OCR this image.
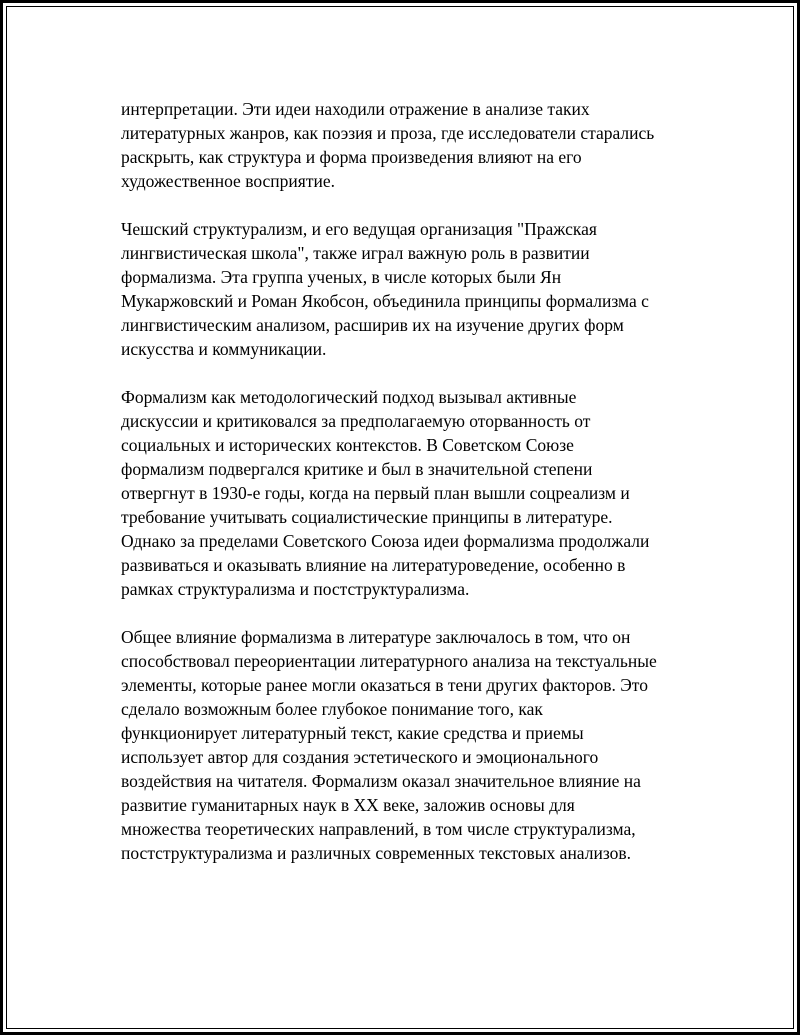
интерпретации. Эти идеи находили отражение в анализе таких
литературных жанров, как поэзия и проза, где исследователи старались
раскрыть, как структура и форма произведения влияют на его
художественное восприятие.

Чешский структурализм, и его ведущая организация "Пражская
лингвистическая школа", также играл важную роль в развитии
формализма. Эта группа ученых, в числе которых были Ян
Мукаржовский и Роман Якобсон, объединила принципы формализма с
лингвистическим анализом, расширив их на изучение других форм
искусства и коммуникации.

Формализм как методологический подход вызывал активные
дискуссии и критиковался за предполагаемую оторванность от
социальных и исторических контекстов. В Советском Союзе
формализм подвергался критике и был в значительной степени
отвергнут в 1930-е годы, когда на первый план вышли соцреализм и
требование учитывать социалистические принципы в литературе.
Однако за пределами Советского Союза идеи формализма продолжали
развиваться и оказывать влияние на литературоведение, особенно в
рамках структурализма и постструктурализма.

Общее влияние формализма в литературе заключалось в том, что он
способствовал переориентации литературного анализа на текстуальные
элементы, которые ранее могли оказаться в тени других факторов. Это
сделало возможным более глубокое понимание того, как
функционирует литературный текст, какие средства и приемы
использует автор для создания эстетического и эмоционального
воздействия на читателя. Формализм оказал значительное влияние на
развитие гуманитарных наук в XX веке, заложив основы для
множества теоретических направлений, в том числе структурализма,
постструктурализма и различных современных текстовых анализов.
